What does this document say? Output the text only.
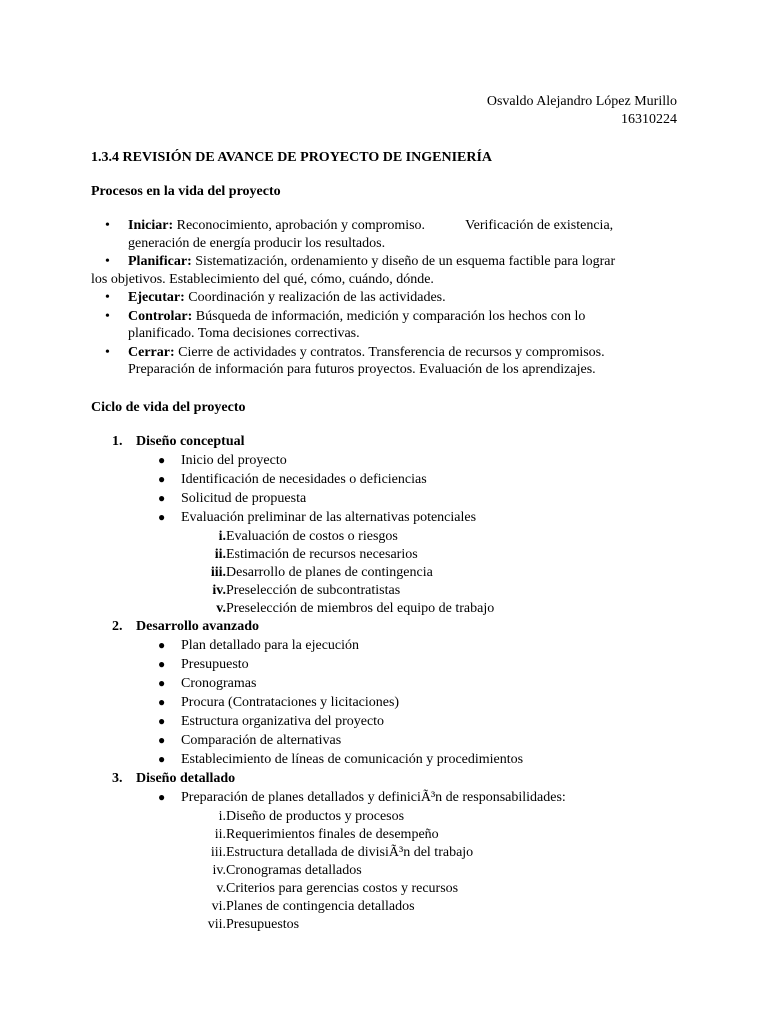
Osvaldo Alejandro López Murillo
16310224
1.3.4 REVISIÓN DE AVANCE DE PROYECTO DE INGENIERÍA
Procesos en la vida del proyecto
• Iniciar: Reconocimiento, aprobación y compromiso.	Verificación de existencia,
generación de energía producir los resultados.
• Planificar: Sistematización, ordenamiento y diseño de un esquema factible para lograr
los objetivos. Establecimiento del qué, cómo, cuándo, dónde.
• Ejecutar: Coordinación y realización de las actividades.
• Controlar: Búsqueda de información, medición y comparación los hechos con lo
planificado. Toma decisiones correctivas.
• Cerrar: Cierre de actividades y contratos. Transferencia de recursos y compromisos.
Preparación de información para futuros proyectos. Evaluación de los aprendizajes.
Ciclo de vida del proyecto
1. Diseño conceptual
● Inicio del proyecto
● Identificación de necesidades o deficiencias
● Solicitud de propuesta
● Evaluación preliminar de las alternativas potenciales
i. Evaluación de costos o riesgos
ii. Estimación de recursos necesarios
iii. Desarrollo de planes de contingencia
iv. Preselección de subcontratistas
v. Preselección de miembros del equipo de trabajo
2. Desarrollo avanzado
● Plan detallado para la ejecución
● Presupuesto
● Cronogramas
● Procura (Contrataciones y licitaciones)
● Estructura organizativa del proyecto
● Comparación de alternativas
● Establecimiento de líneas de comunicación y procedimientos
3. Diseño detallado
● Preparación de planes detallados y definiciÃ³n de responsabilidades:
i. Diseño de productos y procesos
ii. Requerimientos finales de desempeño
iii. Estructura detallada de divisiÃ³n del trabajo
iv. Cronogramas detallados
v. Criterios para gerencias costos y recursos
vi. Planes de contingencia detallados
vii. Presupuestos
